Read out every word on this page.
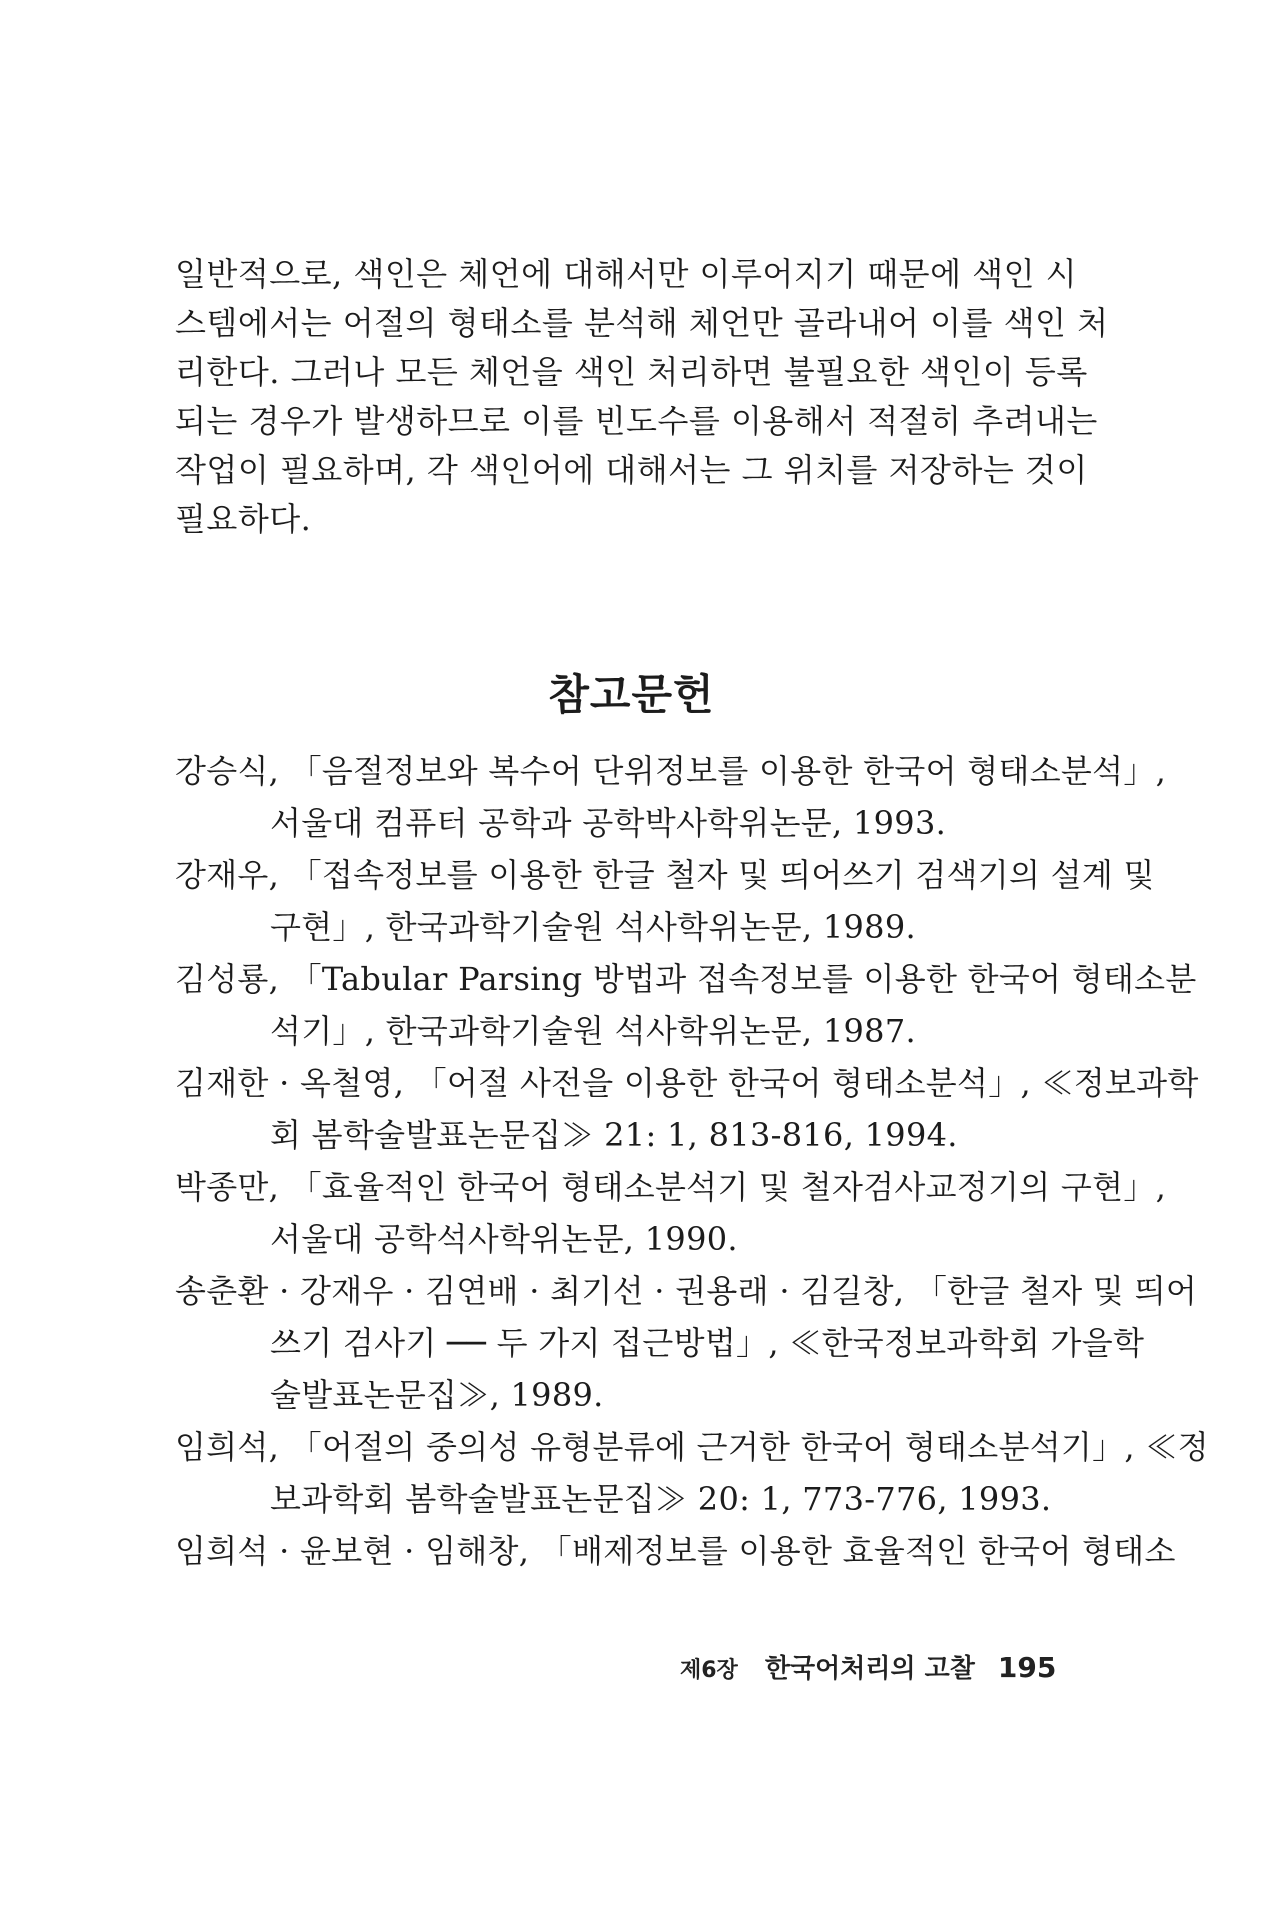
일반적으로, 색인은 체언에 대해서만 이루어지기 때문에 색인 시
스템에서는 어절의 형태소를 분석해 체언만 골라내어 이를 색인 처
리한다. 그러나 모든 체언을 색인 처리하면 불필요한 색인이 등록
되는 경우가 발생하므로 이를 빈도수를 이용해서 적절히 추려내는
작업이 필요하며, 각 색인어에 대해서는 그 위치를 저장하는 것이
필요하다.
참고문헌
강승식, 「음절정보와 복수어 단위정보를 이용한 한국어 형태소분석」,
서울대 컴퓨터 공학과 공학박사학위논문, 1993.
강재우, 「접속정보를 이용한 한글 철자 및 띄어쓰기 검색기의 설계 및
구현」, 한국과학기술원 석사학위논문, 1989.
김성룡, 「Tabular Parsing 방법과 접속정보를 이용한 한국어 형태소분
석기」, 한국과학기술원 석사학위논문, 1987.
김재한 · 옥철영, 「어절 사전을 이용한 한국어 형태소분석」, ≪정보과학
회 봄학술발표논문집≫ 21: 1, 813-816, 1994.
박종만, 「효율적인 한국어 형태소분석기 및 철자검사교정기의 구현」,
서울대 공학석사학위논문, 1990.
송춘환 · 강재우 · 김연배 · 최기선 · 권용래 · 김길창, 「한글 철자 및 띄어
쓰기 검사기 ── 두 가지 접근방법」, ≪한국정보과학회 가을학
술발표논문집≫, 1989.
임희석, 「어절의 중의성 유형분류에 근거한 한국어 형태소분석기」, ≪정
보과학회 봄학술발표논문집≫ 20: 1, 773-776, 1993.
임희석 · 윤보현 · 임해창, 「배제정보를 이용한 효율적인 한국어 형태소
제6장 한국어처리의 고찰 195
